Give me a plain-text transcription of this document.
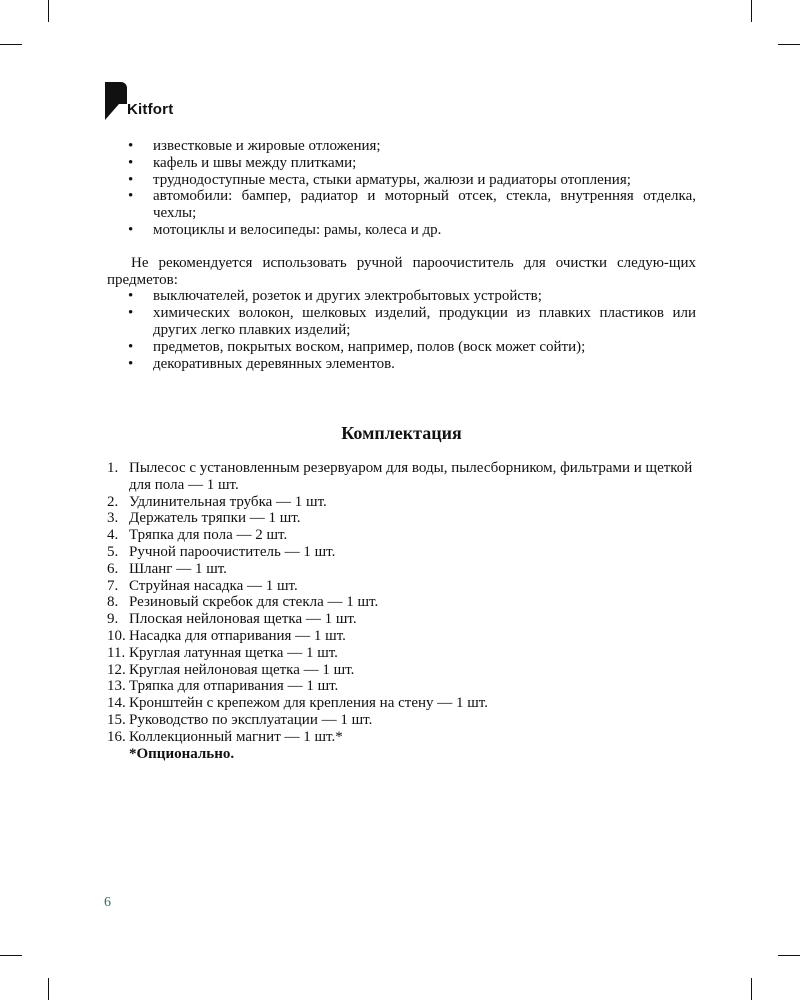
Kitfort
• известковые и жировые отложения;
• кафель и швы между плитками;
• труднодоступные места, стыки арматуры, жалюзи и радиаторы отопления;
• автомобили: бампер, радиатор и моторный отсек, стекла, внутренняя отделка, чехлы;
• мотоциклы и велосипеды: рамы, колеса и др.

Не рекомендуется использовать ручной пароочиститель для очистки следую-щих предметов:

• выключателей, розеток и других электробытовых устройств;
• химических волокон, шелковых изделий, продукции из плавких пластиков или других легко плавких изделий;
• предметов, покрытых воском, например, полов (воск может сойти);
• декоративных деревянных элементов.
Комплектация
1. Пылесос с установленным резервуаром для воды, пылесборником, фильтрами и щеткой для пола — 1 шт.
2. Удлинительная трубка — 1 шт.
3. Держатель тряпки — 1 шт.
4. Тряпка для пола — 2 шт.
5. Ручной пароочиститель — 1 шт.
6. Шланг — 1 шт.
7. Струйная насадка — 1 шт.
8. Резиновый скребок для стекла — 1 шт.
9. Плоская нейлоновая щетка — 1 шт.
10. Насадка для отпаривания — 1 шт.
11. Круглая латунная щетка — 1 шт.
12. Круглая нейлоновая щетка — 1 шт.
13. Тряпка для отпаривания — 1 шт.
14. Кронштейн с крепежом для крепления на стену — 1 шт.
15. Руководство по эксплуатации — 1 шт.
16. Коллекционный магнит — 1 шт.*
*Опционально.
6
